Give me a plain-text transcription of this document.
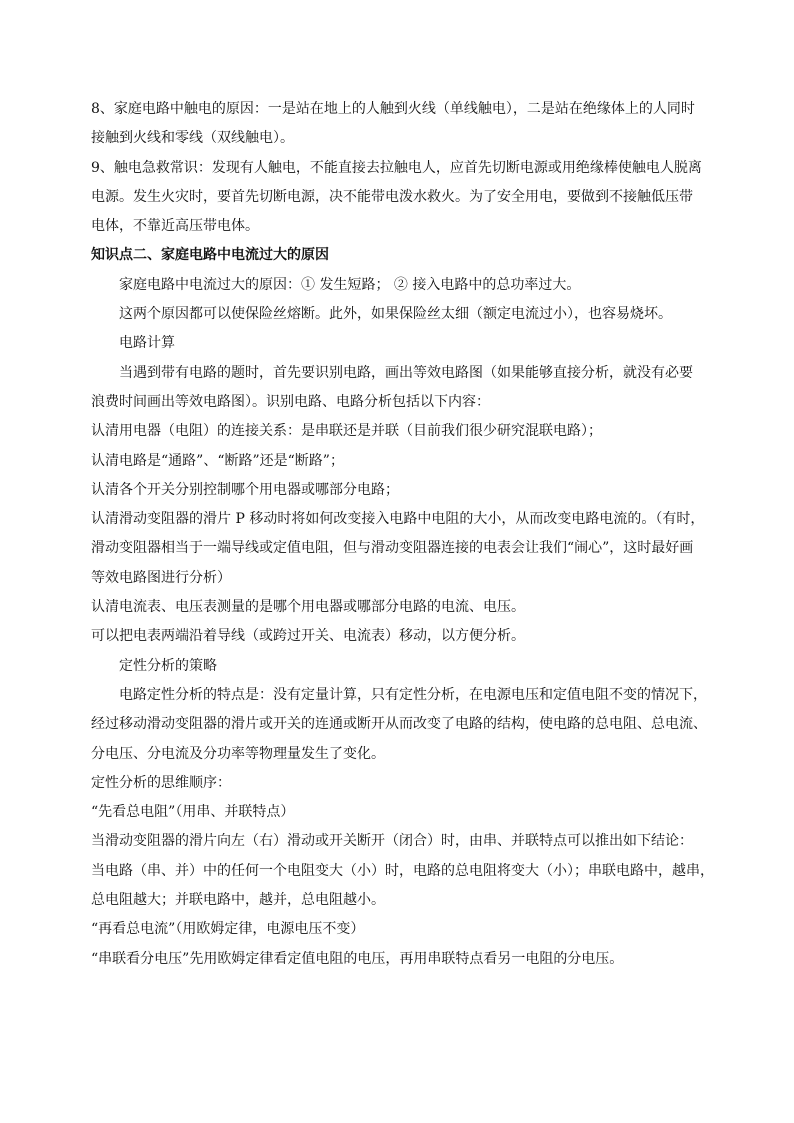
8、家庭电路中触电的原因：一是站在地上的人触到火线（单线触电），二是站在绝缘体上的人同时
接触到火线和零线（双线触电）。
9、触电急救常识：发现有人触电，不能直接去拉触电人，应首先切断电源或用绝缘棒使触电人脱离
电源。发生火灾时，要首先切断电源，决不能带电泼水救火。为了安全用电，要做到不接触低压带
电体，不靠近高压带电体。
知识点二、家庭电路中电流过大的原因
家庭电路中电流过大的原因：① 发生短路； ② 接入电路中的总功率过大。
这两个原因都可以使保险丝熔断。此外，如果保险丝太细（额定电流过小），也容易烧坏。
电路计算
当遇到带有电路的题时，首先要识别电路，画出等效电路图（如果能够直接分析，就没有必要
浪费时间画出等效电路图）。识别电路、电路分析包括以下内容：
认清用电器（电阻）的连接关系：是串联还是并联（目前我们很少研究混联电路）；
认清电路是“通路”、“断路”还是“断路”；
认清各个开关分别控制哪个用电器或哪部分电路；
认清滑动变阻器的滑片 P 移动时将如何改变接入电路中电阻的大小，从而改变电路电流的。（有时，
滑动变阻器相当于一端导线或定值电阻，但与滑动变阻器连接的电表会让我们“闹心”，这时最好画
等效电路图进行分析）
认清电流表、电压表测量的是哪个用电器或哪部分电路的电流、电压。
可以把电表两端沿着导线（或跨过开关、电流表）移动，以方便分析。
定性分析的策略
电路定性分析的特点是：没有定量计算，只有定性分析，在电源电压和定值电阻不变的情况下，
经过移动滑动变阻器的滑片或开关的连通或断开从而改变了电路的结构，使电路的总电阻、总电流、
分电压、分电流及分功率等物理量发生了变化。
定性分析的思维顺序：
“先看总电阻”（用串、并联特点）
当滑动变阻器的滑片向左（右）滑动或开关断开（闭合）时，由串、并联特点可以推出如下结论：
当电路（串、并）中的任何一个电阻变大（小）时，电路的总电阻将变大（小）；串联电路中，越串，
总电阻越大；并联电路中，越并，总电阻越小。
“再看总电流”（用欧姆定律，电源电压不变）
“串联看分电压”先用欧姆定律看定值电阻的电压，再用串联特点看另一电阻的分电压。
